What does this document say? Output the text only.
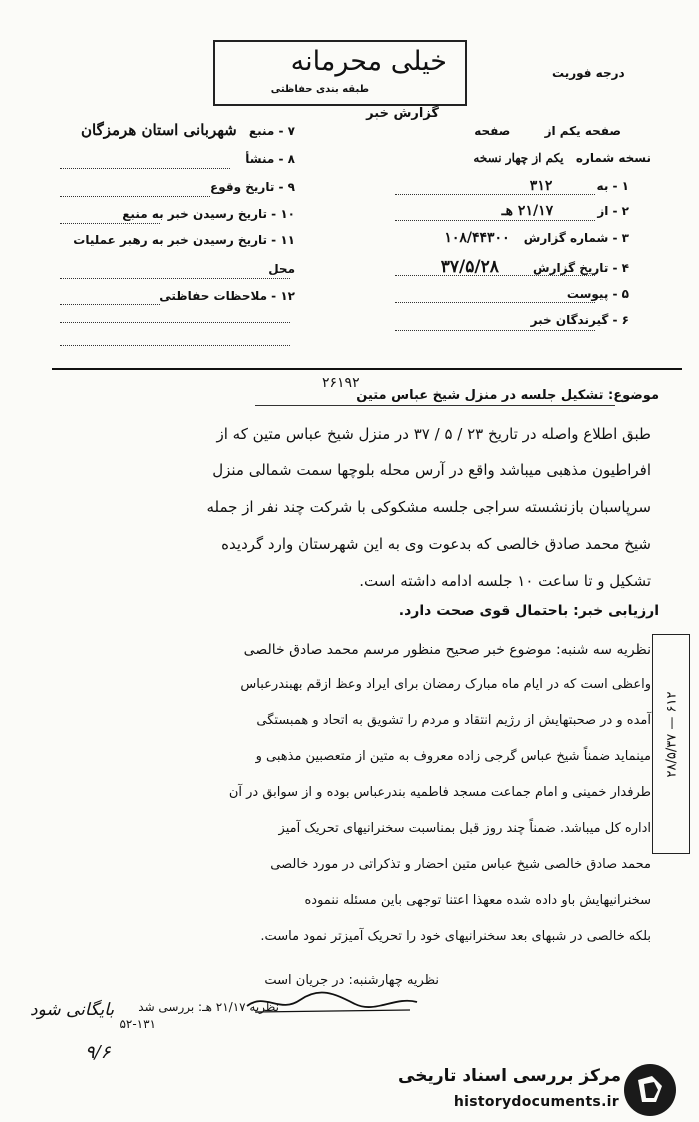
درجه فوریت
خیلی محرمانه
گزارش خبر
طبقه بندی حفاظتی
صفحه یکم از صفحه
نسخه شماره یکم از چهار نسخه
۱ - به ۳۱۲
۲ - از ۲۱/۱۷ هـ
۳ - شماره گزارش ۱۰۸/۴۴۳۰۰
۴ - تاریخ گزارش ۳۷/۵/۲۸
۵ - پیوست
۶ - گیرندگان خبر
۷ - منبع شهربانی استان هرمزگان
۸ - منشأ
۹ - تاریخ وقوع
۱۰ - تاریخ رسیدن خبر به منبع
۱۱ - تاریخ رسیدن خبر به رهبر عملیات
محل
۱۲ - ملاحظات حفاظتی
۲۶۱۹۲
موضوع: تشکیل جلسه در منزل شیخ عباس متین
طبق اطلاع واصله در تاریخ ۲۳ / ۵ / ۳۷ در منزل شیخ عباس متین که از
افراطیون مذهبی میباشد واقع در آرس محله بلوچها سمت شمالی منزل
سرپاسبان بازنشسته سراجی جلسه مشکوکی با شرکت چند نفر از جمله
شیخ محمد صادق خالصی که بدعوت وی به این شهرستان وارد گردیده
تشکیل و تا ساعت ۱۰ جلسه ادامه داشته است.
ارزیابی خبر: باحتمال قوی صحت دارد.
نظریه سه شنبه: موضوع خبر صحیح منظور مرسم محمد صادق خالصی
واعظی است که در ایام ماه مبارک رمضان برای ایراد وعظ ازقم بهبندرعباس
آمده و در صحبتهایش از رژیم انتقاد و مردم را تشویق به اتحاد و همبستگی
مینماید ضمناً شیخ عباس گرجی زاده معروف به متین از متعصبین مذهبی و
طرفدار خمینی و امام جماعت مسجد فاطمیه بندرعباس بوده و از سوابق در آن
اداره کل میباشد. ضمناً چند روز قبل بمناسبت سخنرانیهای تحریک آمیز
محمد صادق خالصی شیخ عباس متین احضار و تذکراتی در مورد خالصی
سخنرانیهایش باو داده شده معهذا اعتنا توجهی باین مسئله ننموده
بلکه خالصی در شبهای بعد سخنرانیهای خود را تحریک آمیزتر نمود ماست.
۲۸/۵/۳۷ — ۶۱۲
نظریه چهارشنبه: در جریان است
نظریه ۲۱/۱۷ هـ: بررسی شد
۵۲-۱۳۱
بایگانی شود
۹/۶
مرکز بررسی اسناد تاریخی
historydocuments.ir
